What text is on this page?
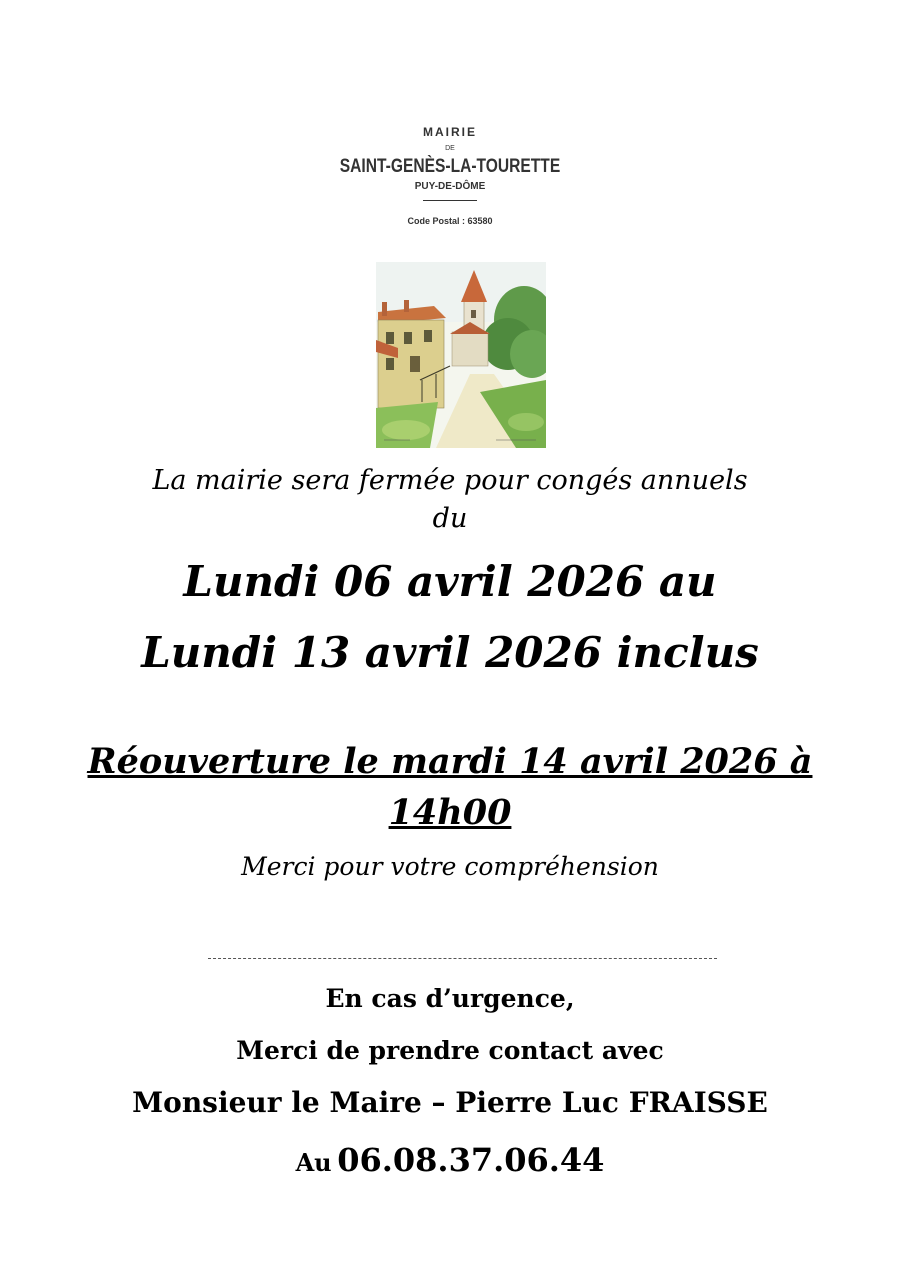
MAIRIE
DE
SAINT-GENÈS-LA-TOURETTE
PUY-DE-DÔME
Code Postal : 63580
La mairie sera fermée pour congés annuels
du
Lundi 06 avril 2026 au
Lundi 13 avril 2026 inclus
Réouverture le mardi 14 avril 2026 à
14h00
Merci pour votre compréhension
En cas d’urgence,
Merci de prendre contact avec
Monsieur le Maire – Pierre Luc FRAISSE
Au 06.08.37.06.44
